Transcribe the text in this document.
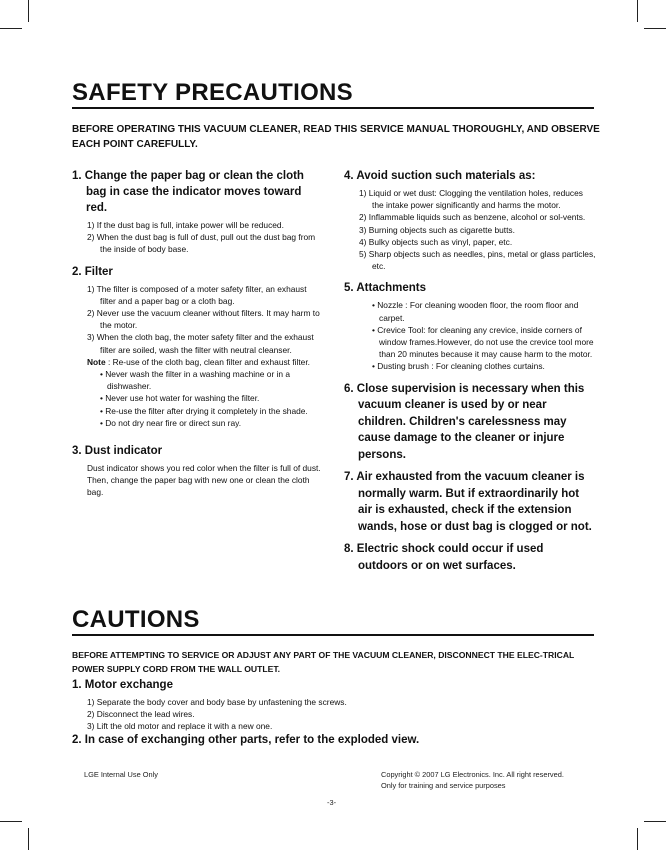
SAFETY PRECAUTIONS

BEFORE OPERATING THIS VACUUM CLEANER, READ THIS SERVICE MANUAL THOROUGHLY, AND OBSERVE EACH POINT CAREFULLY.

1. Change the paper bag or clean the cloth bag in case the indicator moves toward red.

1) If the dust bag is full, intake power will be reduced.
2) When the dust bag is full of dust, pull out the dust bag from the inside of body base.

2. Filter

1) The filter is composed of a moter safety filter, an exhaust filter and a paper bag or a cloth bag.
2) Never use the vacuum cleaner without filters. It may harm to the motor.
3) When the cloth bag, the moter safety filter and the exhaust filter are soiled, wash the filter with neutral cleanser.

Note : Re-use of the cloth bag, clean filter and exhaust filter.

• Never wash the filter in a washing machine or in a dishwasher.
• Never use hot water for washing the filter.
• Re-use the filter after drying it completely in the shade.
• Do not dry near fire or direct sun ray.

3. Dust indicator

Dust indicator shows you red color when the filter is full of dust.

Then, change the paper bag with new one or clean the cloth bag.

4. Avoid suction such materials as:

1) Liquid or wet dust: Clogging the ventilation holes, reduces the intake power significantly and harms the motor.
2) Inflammable liquids such as benzene, alcohol or sol-vents.
3) Burning objects such as cigarette butts.
4) Bulky objects such as vinyl, paper, etc.
5) Sharp objects such as needles, pins, metal or glass particles, etc.

5. Attachments

• Nozzle : For cleaning wooden floor, the room floor and carpet.
• Crevice Tool: for cleaning any crevice, inside corners of window frames.However, do not use the crevice tool more than 20 minutes because it may cause harm to the motor.
• Dusting brush : For cleaning clothes curtains.

6. Close supervision is necessary when this vacuum cleaner is used by or near children. Children's carelessness may cause damage to the cleaner or injure persons.

7. Air exhausted from the vacuum cleaner is normally warm. But if extraordinarily hot air is exhausted, check if the extension wands, hose or dust bag is clogged or not.

8. Electric shock could occur if used outdoors or on wet surfaces.

CAUTIONS

BEFORE ATTEMPTING TO SERVICE OR ADJUST ANY PART OF THE VACUUM CLEANER, DISCONNECT THE ELEC-TRICAL POWER SUPPLY CORD FROM THE WALL OUTLET.

1. Motor exchange

1) Separate the body cover and body base by unfastening the screws.
2) Disconnect the lead wires.
3) Lift the old motor and replace it with a new one.

2. In case of exchanging other parts, refer to the exploded view.

LGE Internal Use Only	Copyright © 2007 LG Electronics. Inc. All right reserved.
Only for training and service purposes
-3-
